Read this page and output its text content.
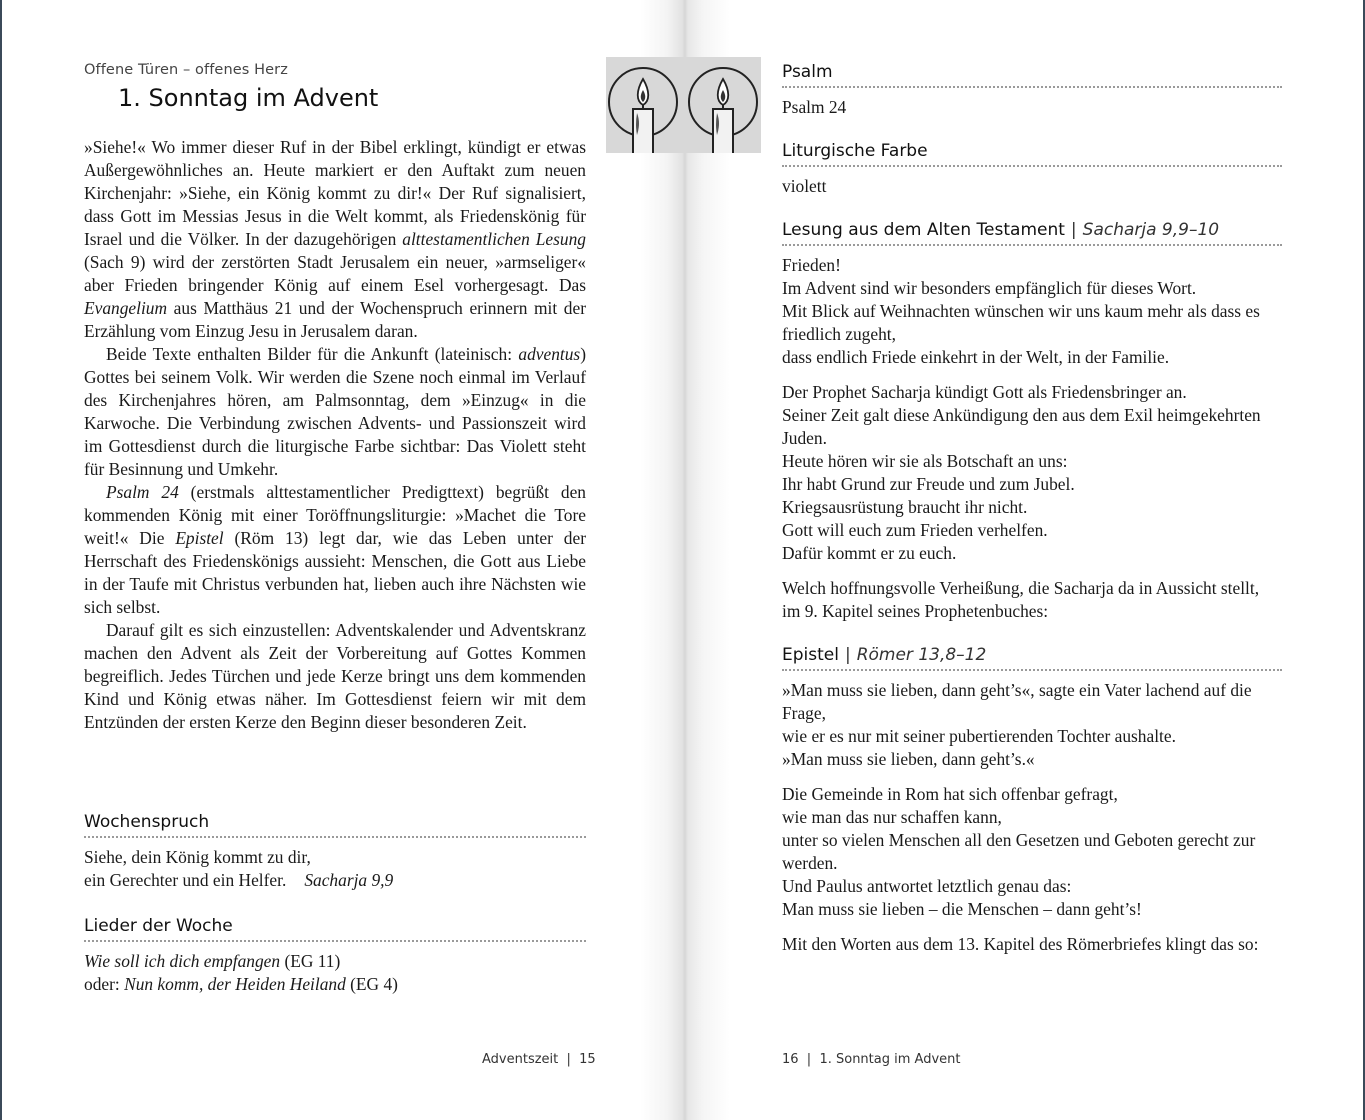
Offene Türen – offenes Herz
1. Sonntag im Advent

»Siehe!« Wo immer dieser Ruf in der Bibel erklingt, kündigt er etwas Außergewöhnliches an. Heute markiert er den Auftakt zum neuen Kirchenjahr: »Siehe, ein König kommt zu dir!« Der Ruf signalisiert, dass Gott im Messias Jesus in die Welt kommt, als Friedenskönig für Israel und die Völker. In der dazugehörigen alttestamentlichen Lesung (Sach 9) wird der zerstörten Stadt Jerusalem ein neuer, »armseliger« aber Frieden bringender König auf einem Esel vorhergesagt. Das Evangelium aus Matthäus 21 und der Wochenspruch erinnern mit der Erzählung vom Einzug Jesu in Jerusalem daran.

Beide Texte enthalten Bilder für die Ankunft (lateinisch: adventus) Gottes bei seinem Volk. Wir werden die Szene noch einmal im Verlauf des Kirchenjahres hören, am Palmsonntag, dem »Einzug« in die Karwoche. Die Verbindung zwischen Advents- und Passionszeit wird im Gottesdienst durch die liturgische Farbe sichtbar: Das Violett steht für Besinnung und Umkehr.

Psalm 24 (erstmals alttestamentlicher Predigttext) begrüßt den kommenden König mit einer Toröffnungsliturgie: »Machet die Tore weit!« Die Epistel (Röm 13) legt dar, wie das Leben unter der Herrschaft des Friedenskönigs aussieht: Menschen, die Gott aus Liebe in der Taufe mit Christus verbunden hat, lieben auch ihre Nächsten wie sich selbst.

Darauf gilt es sich einzustellen: Adventskalender und Adventskranz machen den Advent als Zeit der Vorbereitung auf Gottes Kommen begreiflich. Jedes Türchen und jede Kerze bringt uns dem kommenden Kind und König etwas näher. Im Gottesdienst feiern wir mit dem Entzünden der ersten Kerze den Beginn dieser besonderen Zeit.

Wochenspruch
Siehe, dein König kommt zu dir,
ein Gerechter und ein Helfer. Sacharja 9,9
Lieder der Woche
Wie soll ich dich empfangen (EG 11)
oder: Nun komm, der Heiden Heiland (EG 4)
Adventszeit  |  15
Psalm
Psalm 24
Liturgische Farbe
violett
Lesung aus dem Alten Testament | Sacharja 9,9–10

Frieden!
Im Advent sind wir besonders empfänglich für dieses Wort.
Mit Blick auf Weihnachten wünschen wir uns kaum mehr als dass es friedlich zugeht,
dass endlich Friede einkehrt in der Welt, in der Familie.

Der Prophet Sacharja kündigt Gott als Friedensbringer an.
Seiner Zeit galt diese Ankündigung den aus dem Exil heimgekehrten Juden.
Heute hören wir sie als Botschaft an uns:
Ihr habt Grund zur Freude und zum Jubel.
Kriegsausrüstung braucht ihr nicht.
Gott will euch zum Frieden verhelfen.
Dafür kommt er zu euch.

Welch hoffnungsvolle Verheißung, die Sacharja da in Aussicht stellt,
im 9. Kapitel seines Prophetenbuches:

Epistel | Römer 13,8–12

»Man muss sie lieben, dann geht’s«, sagte ein Vater lachend auf die Frage,
wie er es nur mit seiner pubertierenden Tochter aushalte.
»Man muss sie lieben, dann geht’s.«

Die Gemeinde in Rom hat sich offenbar gefragt,
wie man das nur schaffen kann,
unter so vielen Menschen all den Gesetzen und Geboten gerecht zur werden.
Und Paulus antwortet letztlich genau das:
Man muss sie lieben – die Menschen – dann geht’s!

Mit den Worten aus dem 13. Kapitel des Römerbriefes klingt das so:

16  |  1. Sonntag im Advent
